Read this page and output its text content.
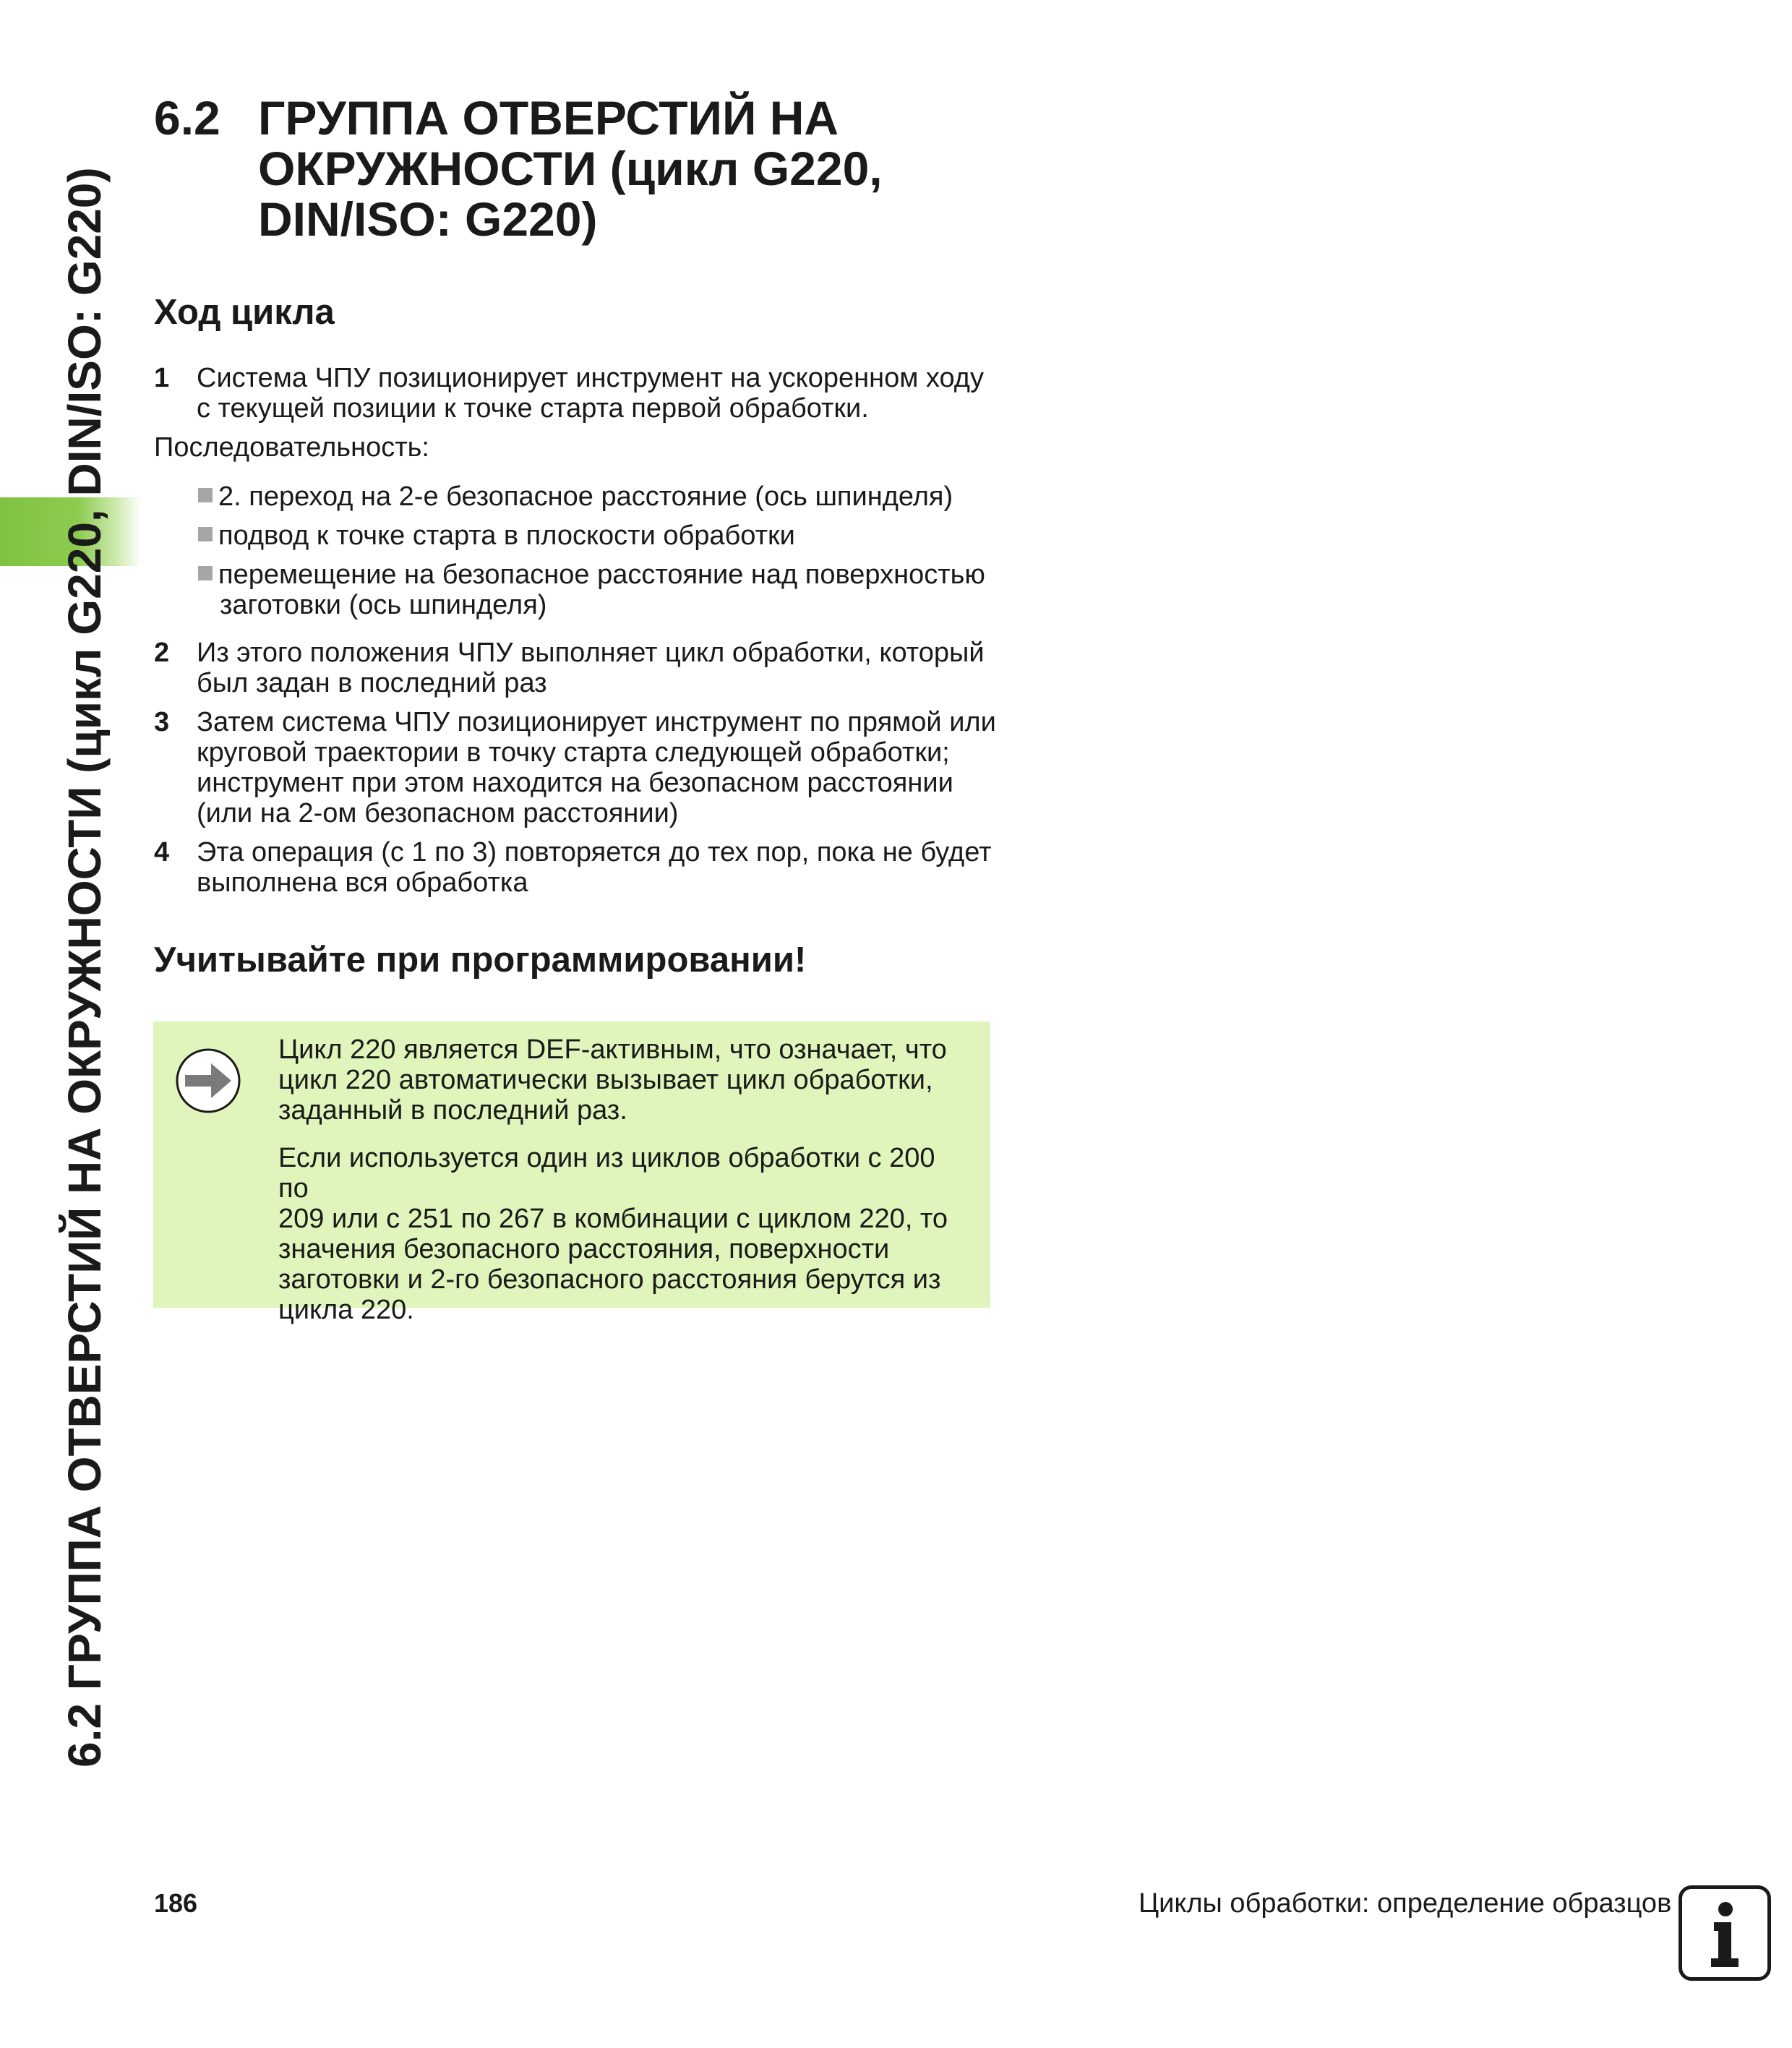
6.2 ГРУППА ОТВЕРСТИЙ НА ОКРУЖНОСТИ (цикл G220, DIN/ISO: G220)
6.2 ГРУППА ОТВЕРСТИЙ НА
ОКРУЖНОСТИ (цикл G220,
DIN/ISO: G220)
Ход цикла
1 Система ЧПУ позиционирует инструмент на ускоренном ходу
с текущей позиции к точке старта первой обработки.
Последовательность:
2. переход на 2-е безопасное расстояние (ось шпинделя)
подвод к точке старта в плоскости обработки
перемещение на безопасное расстояние над поверхностью
заготовки (ось шпинделя)
2 Из этого положения ЧПУ выполняет цикл обработки, который
был задан в последний раз
3 Затем система ЧПУ позиционирует инструмент по прямой или
круговой траектории в точку старта следующей обработки;
инструмент при этом находится на безопасном расстоянии
(или на 2-ом безопасном расстоянии)
4 Эта операция (с 1 по 3) повторяется до тех пор, пока не будет
выполнена вся обработка
Учитывайте при программировании!
Цикл 220 является DEF-активным, что означает, что
цикл 220 автоматически вызывает цикл обработки,
заданный в последний раз.
Если используется один из циклов обработки с 200 по
209 или с 251 по 267 в комбинации с циклом 220, то
значения безопасного расстояния, поверхности
заготовки и 2-го безопасного расстояния берутся из
цикла 220.
186	Циклы обработки: определение образцов
